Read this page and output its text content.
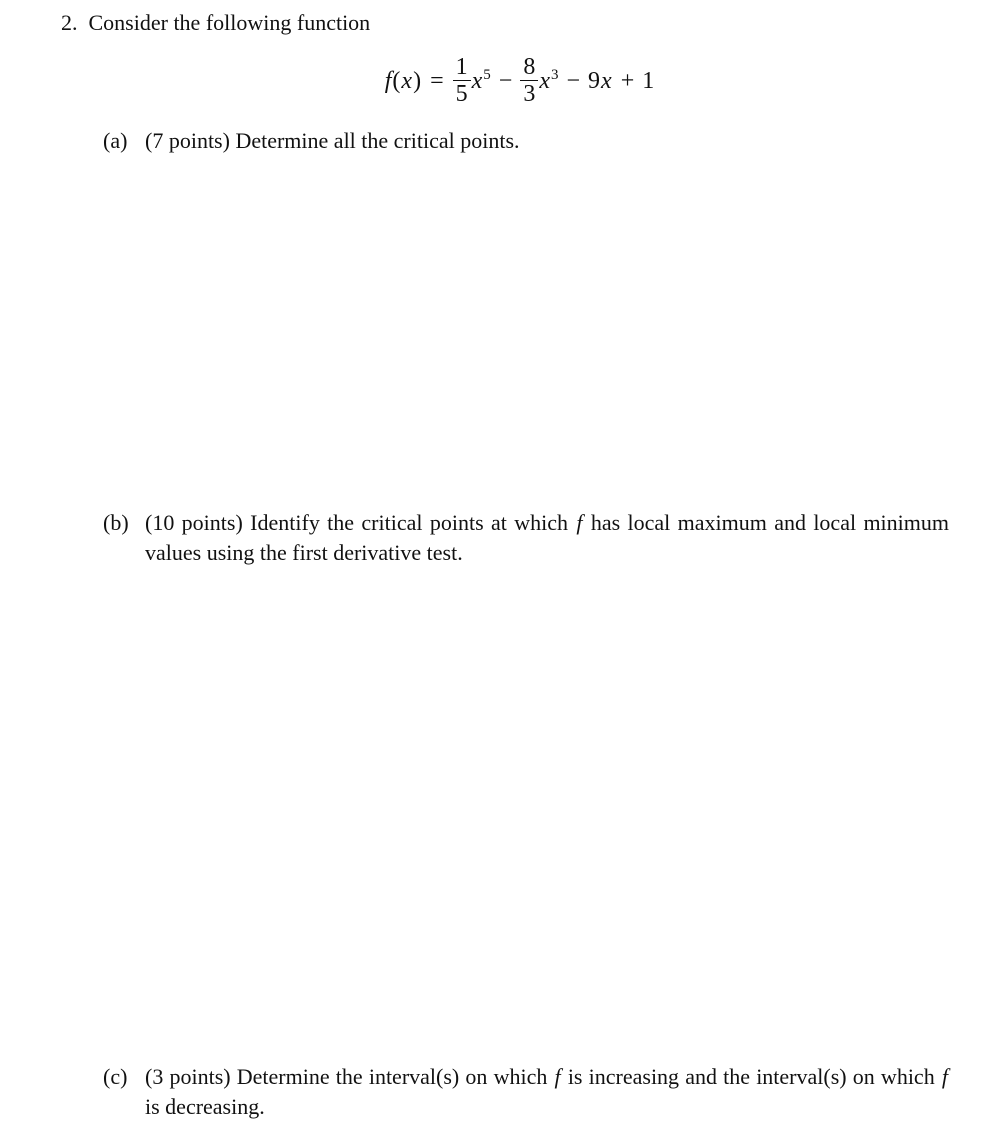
2. Consider the following function
$f(x) = \frac{1}{5} x^5 - \frac{8}{3} x^3 - 9x + 1$
(a) (7 points) Determine all the critical points.
(b) (10 points) Identify the critical points at which f has local maximum and local minimum values using the first derivative test.
(c) (3 points) Determine the interval(s) on which f is increasing and the interval(s) on which f is decreasing.
